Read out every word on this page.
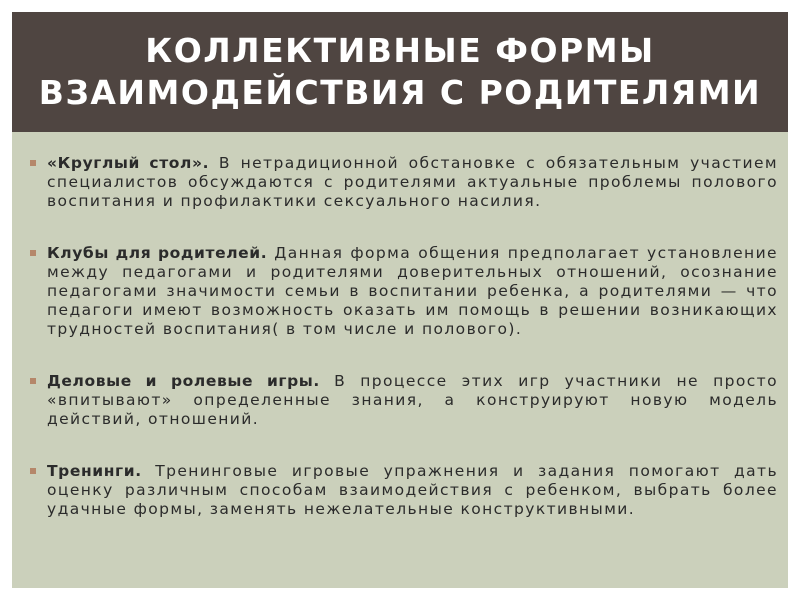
КОЛЛЕКТИВНЫЕ ФОРМЫ
ВЗАИМОДЕЙСТВИЯ С РОДИТЕЛЯМИ
«Круглый стол». В нетрадиционной обстановке с обязательным участием специалистов обсуждаются с родителями актуальные проблемы полового воспитания и профилактики сексуального насилия.
Клубы для родителей. Данная форма общения предполагает установление между педагогами и родителями доверительных отношений, осознание педагогами значимости семьи в воспитании ребенка, а родителями — что педагоги имеют возможность оказать им помощь в решении возникающих трудностей воспитания( в том числе и полового).
Деловые и ролевые игры. В процессе этих игр участники не просто «впитывают» определенные знания, а конструируют новую модель действий, отношений.
Тренинги. Тренинговые игровые упражнения и задания помогают дать оценку различным способам взаимодействия с ребенком, выбрать более удачные формы, заменять нежелательные конструктивными.
